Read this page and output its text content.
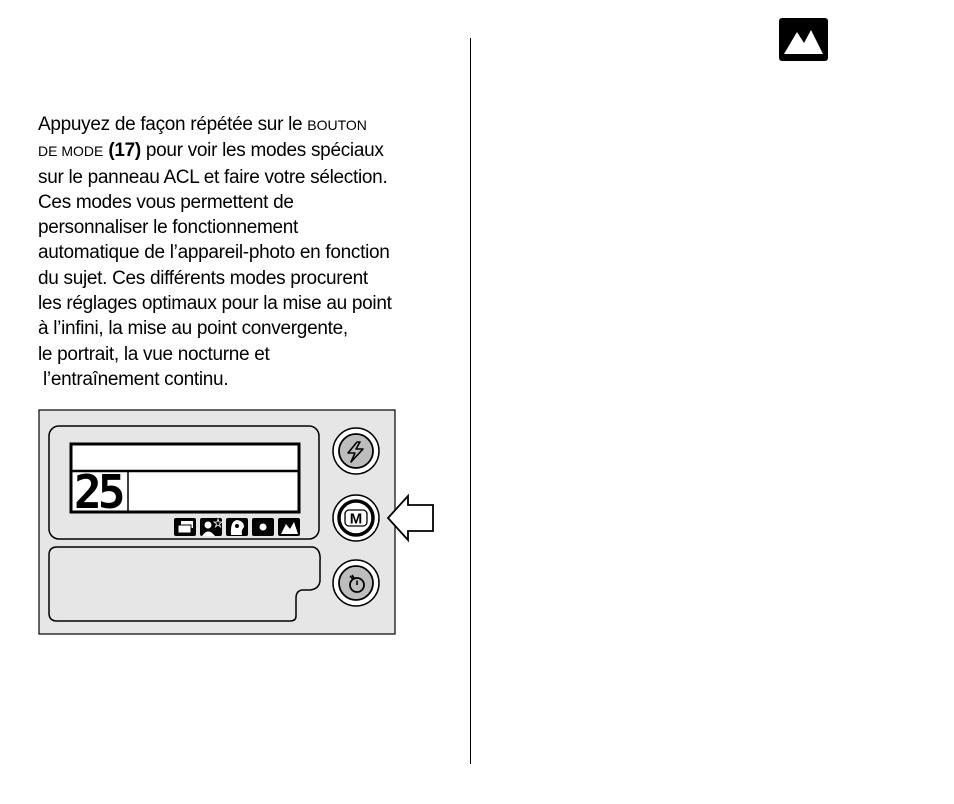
Appuyez de façon répétée sur le BOUTON
DE MODE (17) pour voir les modes spéciaux
sur le panneau ACL et faire votre sélection.
Ces modes vous permettent de
personnaliser le fonctionnement
automatique de l’appareil-photo en fonction
du sujet. Ces différents modes procurent
les réglages optimaux pour la mise au point
à l’infini, la mise au point convergente,
le portrait, la vue nocturne et
l’entraînement continu.

25	M
